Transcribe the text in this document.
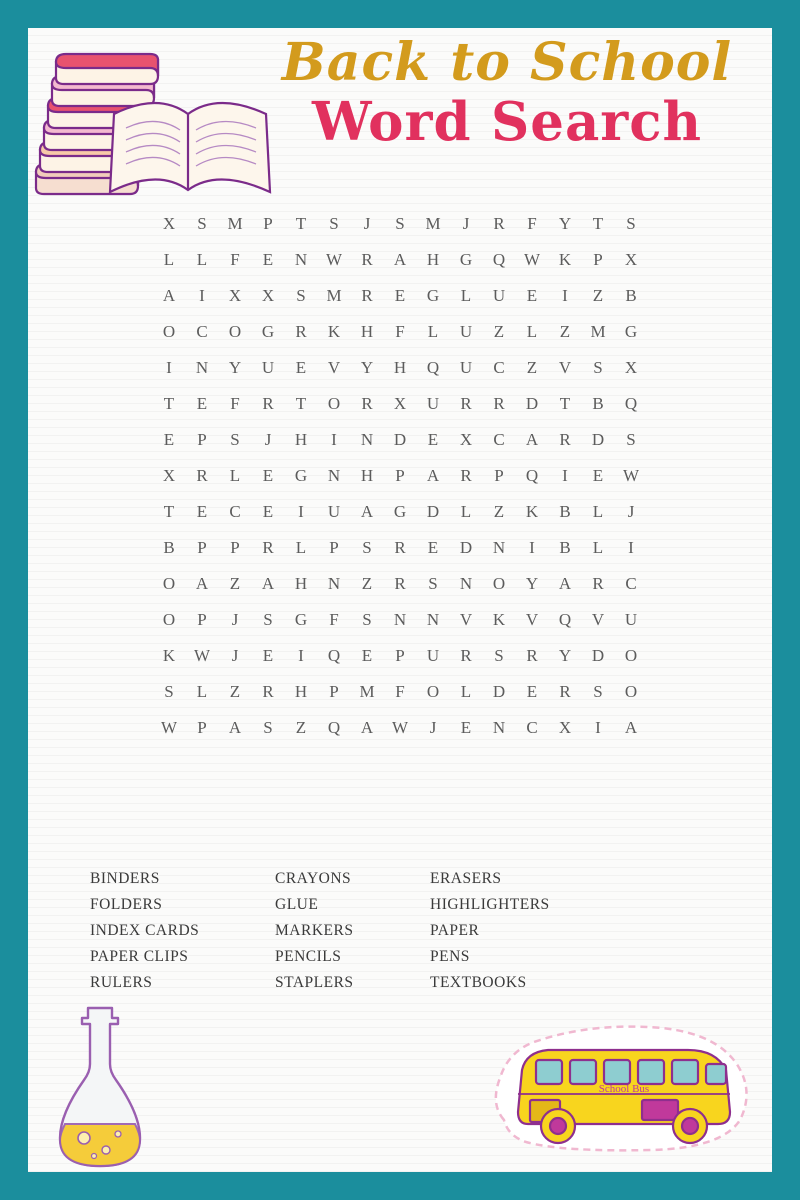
Back to School
Word Search
X	S	M	P	T	S	J	S	M	J	R	F	Y	T	S
L	L	F	E	N	W	R	A	H	G	Q	W	K	P	X
A	I	X	X	S	M	R	E	G	L	U	E	I	Z	B
O	C	O	G	R	K	H	F	L	U	Z	L	Z	M	G
I	N	Y	U	E	V	Y	H	Q	U	C	Z	V	S	X
T	E	F	R	T	O	R	X	U	R	R	D	T	B	Q
E	P	S	J	H	I	N	D	E	X	C	A	R	D	S
X	R	L	E	G	N	H	P	A	R	P	Q	I	E	W
T	E	C	E	I	U	A	G	D	L	Z	K	B	L	J
B	P	P	R	L	P	S	R	E	D	N	I	B	L	I
O	A	Z	A	H	N	Z	R	S	N	O	Y	A	R	C
O	P	J	S	G	F	S	N	N	V	K	V	Q	V	U
K	W	J	E	I	Q	E	P	U	R	S	R	Y	D	O
S	L	Z	R	H	P	M	F	O	L	D	E	R	S	O
W	P	A	S	Z	Q	A	W	J	E	N	C	X	I	A
BINDERS
FOLDERS
INDEX CARDS
PAPER CLIPS
RULERS
CRAYONS
GLUE
MARKERS
PENCILS
STAPLERS
ERASERS
HIGHLIGHTERS
PAPER
PENS
TEXTBOOKS
School Bus
